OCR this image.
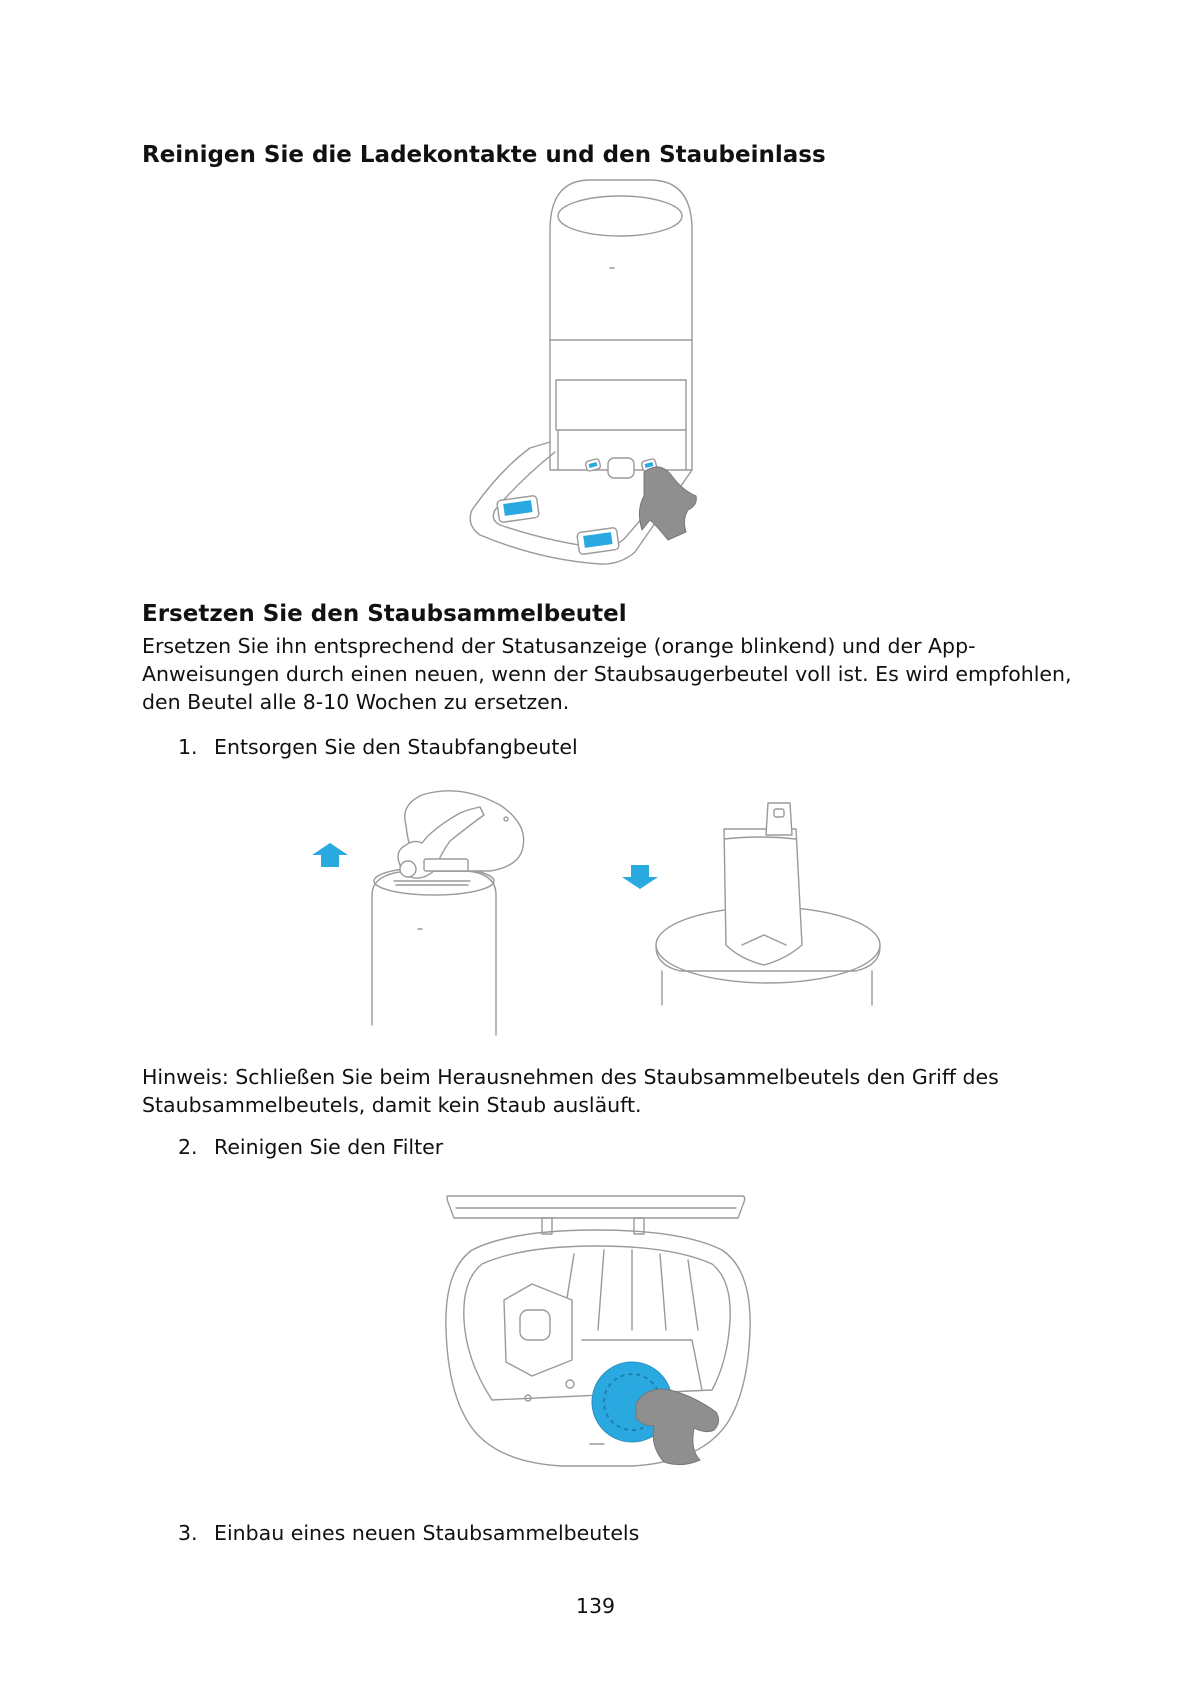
Reinigen Sie die Ladekontakte und den Staubeinlass
Ersetzen Sie den Staubsammelbeutel
Ersetzen Sie ihn entsprechend der Statusanzeige (orange blinkend) und der App-
Anweisungen durch einen neuen, wenn der Staubsaugerbeutel voll ist. Es wird empfohlen,
den Beutel alle 8-10 Wochen zu ersetzen.
1. Entsorgen Sie den Staubfangbeutel
Hinweis: Schließen Sie beim Herausnehmen des Staubsammelbeutels den Griff des
Staubsammelbeutels, damit kein Staub ausläuft.
2. Reinigen Sie den Filter
3. Einbau eines neuen Staubsammelbeutels
139
